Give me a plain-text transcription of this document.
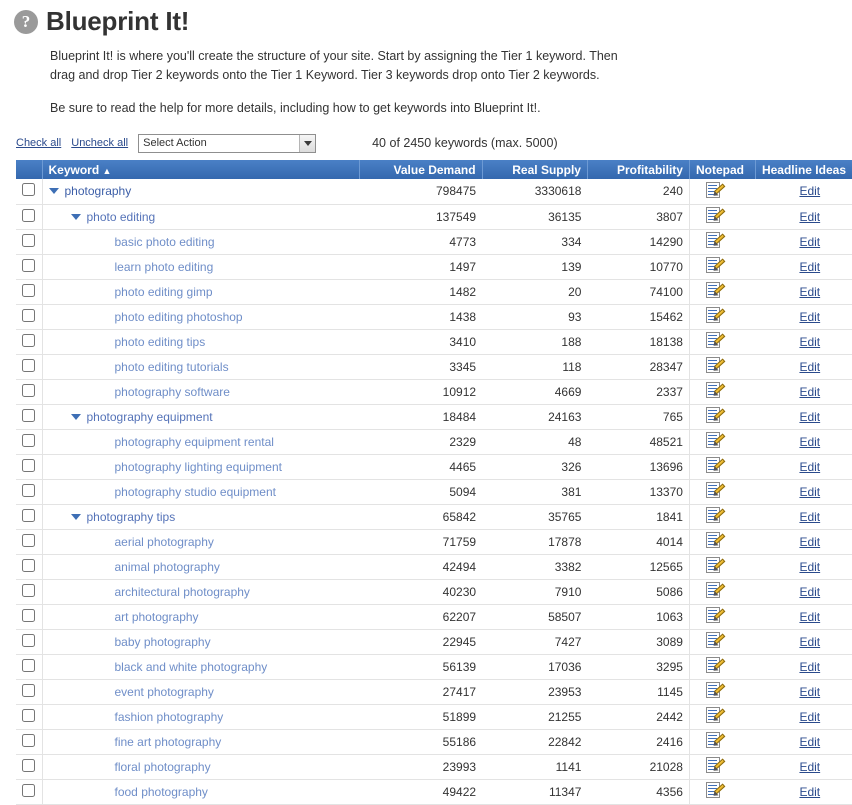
? Blueprint It!

Blueprint It! is where you'll create the structure of your site. Start by assigning the Tier 1 keyword. Then drag and drop Tier 2 keywords onto the Tier 1 Keyword. Tier 3 keywords drop onto Tier 2 keywords.

Be sure to read the help for more details, including how to get keywords into Blueprint It!.

Check all Uncheck all Select Action	40 of 2450 keywords (max. 5000)
	Keyword ▲	Value Demand	Real Supply	Profitability	Notepad	Headline Ideas

photography	798475	3330618	240		Edit

photo editing	137549	36135	3807		Edit

basic photo editing	4773	334	14290		Edit

learn photo editing	1497	139	10770		Edit

photo editing gimp	1482	20	74100		Edit

photo editing photoshop	1438	93	15462		Edit

photo editing tips	3410	188	18138		Edit

photo editing tutorials	3345	118	28347		Edit

photography software	10912	4669	2337		Edit

photography equipment	18484	24163	765		Edit

photography equipment rental	2329	48	48521		Edit

photography lighting equipment	4465	326	13696		Edit

photography studio equipment	5094	381	13370		Edit

photography tips	65842	35765	1841		Edit

aerial photography	71759	17878	4014		Edit

animal photography	42494	3382	12565		Edit

architectural photography	40230	7910	5086		Edit

art photography	62207	58507	1063		Edit

baby photography	22945	7427	3089		Edit

black and white photography	56139	17036	3295		Edit

event photography	27417	23953	1145		Edit

fashion photography	51899	21255	2442		Edit

fine art photography	55186	22842	2416		Edit

floral photography	23993	1141	21028		Edit

food photography	49422	11347	4356		Edit
